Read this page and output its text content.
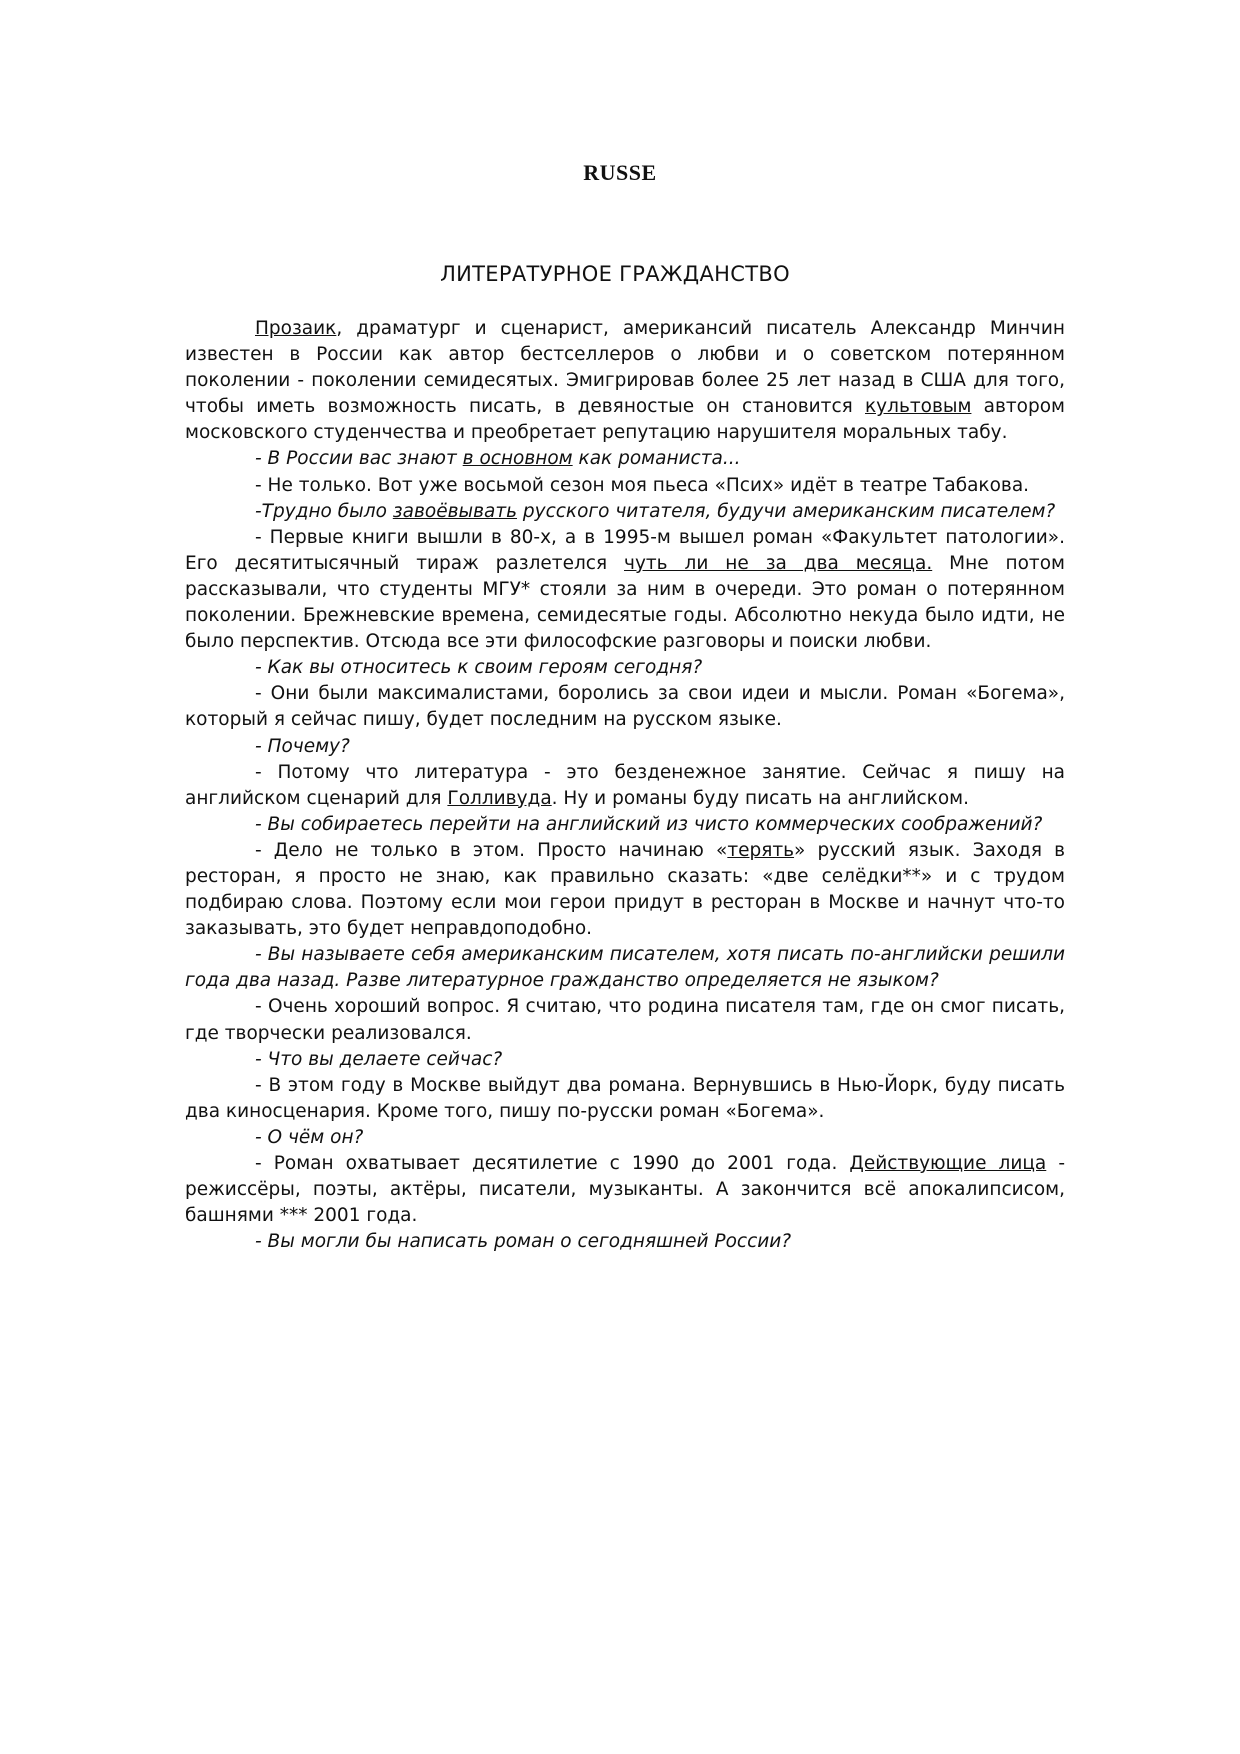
RUSSE
ЛИТЕРАТУРНОЕ ГРАЖДАНСТВО

Прозаик, драматург и сценарист, американсий писатель Александр Минчин известен в России как автор бестселлеров о любви и о советском потерянном поколении - поколении семидесятых. Эмигрировав более 25 лет назад в США для того, чтобы иметь возможность писать, в девяностые он становится культовым автором московского студенчества и преобретает репутацию нарушителя моральных табу.

- В России вас знают в основном как романиста...

- Не только. Вот уже восьмой сезон моя пьеса «Псих» идёт в театре Табакова.

-Трудно было завоёвывать русского читателя, будучи американским писателем?

- Первые книги вышли в 80-х, а в 1995-м вышел роман «Факультет патологии». Его десятитысячный тираж разлетелся чуть ли не за два месяца. Мне потом рассказывали, что студенты МГУ* стояли за ним в очереди. Это роман о потерянном поколении. Брежневские времена, семидесятые годы. Абсолютно некуда было идти, не было перспектив. Отсюда все эти философские разговоры и поиски любви.

- Как вы относитесь к своим героям сегодня?

- Они были максималистами, боролись за свои идеи и мысли. Роман «Богема», который я сейчас пишу, будет последним на русском языке.

- Почему?

- Потому что литература - это безденежное занятие. Сейчас я пишу на английском сценарий для Голливуда. Ну и романы буду писать на английском.

- Вы собираетесь перейти на английский из чисто коммерческих соображений?

- Дело не только в этом. Просто начинаю «терять» русский язык. Заходя в ресторан, я просто не знаю, как правильно сказать: «две селёдки**» и с трудом подбираю слова. Поэтому если мои герои придут в ресторан в Москве и начнут что-то заказывать, это будет неправдоподобно.

- Вы называете себя американским писателем, хотя писать по-английски решили года два назад. Разве литературное гражданство определяется не языком?

- Очень хороший вопрос. Я считаю, что родина писателя там, где он смог писать, где творчески реализовался.

- Что вы делаете сейчас?

- В этом году в Москве выйдут два романа. Вернувшись в Нью-Йорк, буду писать два киносценария. Кроме того, пишу по-русски роман «Богема».

- О чём он?

- Роман охватывает десятилетие с 1990 до 2001 года. Действующие лица - режиссёры, поэты, актёры, писатели, музыканты. А закончится всё апокалипсисом, башнями *** 2001 года.

- Вы могли бы написать роман о сегодняшней России?
